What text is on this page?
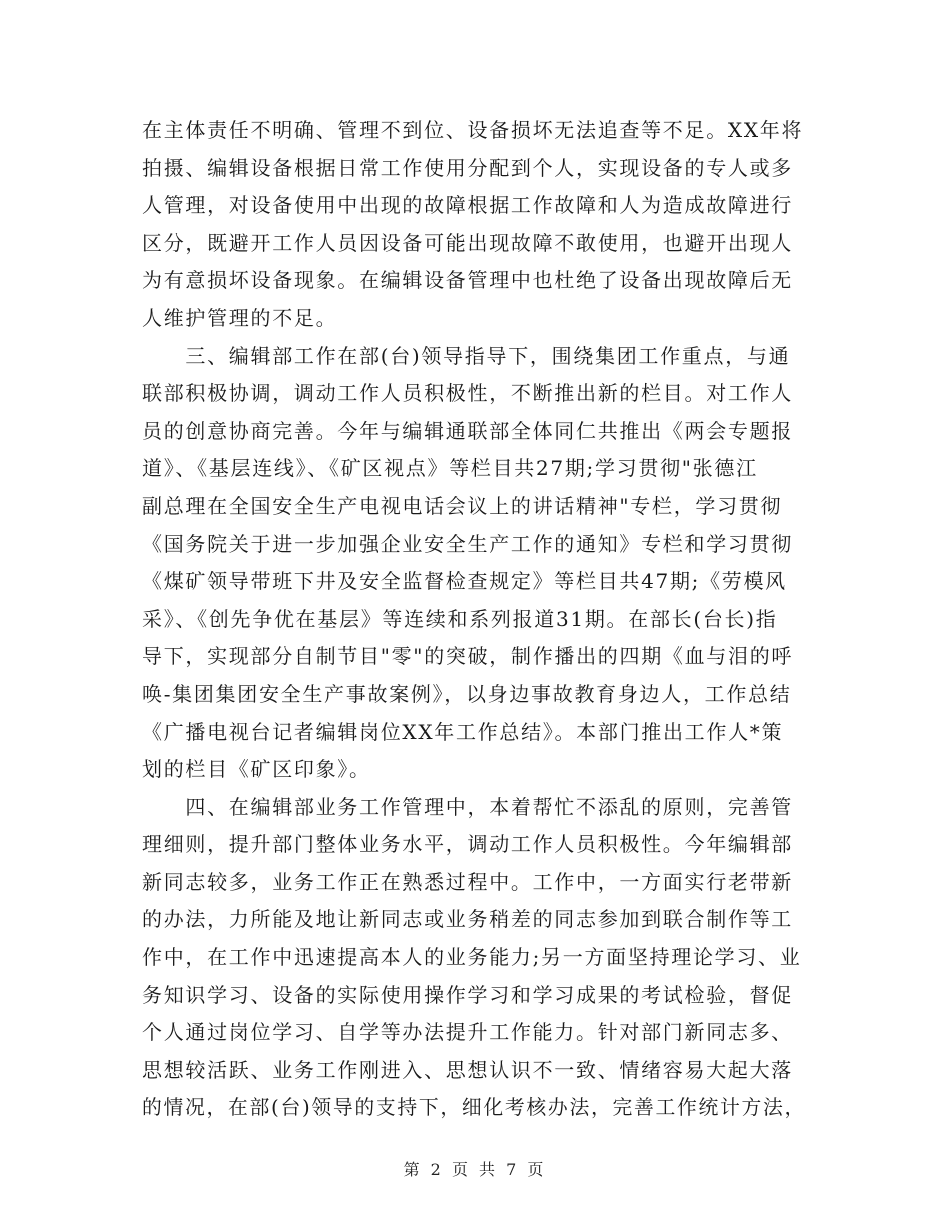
在主体责任不明确、管理不到位、设备损坏无法追查等不足。XX年将
拍摄、编辑设备根据日常工作使用分配到个人，实现设备的专人或多
人管理，对设备使用中出现的故障根据工作故障和人为造成故障进行
区分，既避开工作人员因设备可能出现故障不敢使用，也避开出现人
为有意损坏设备现象。在编辑设备管理中也杜绝了设备出现故障后无
人维护管理的不足。
　　三、编辑部工作在部(台)领导指导下，围绕集团工作重点，与通
联部积极协调，调动工作人员积极性，不断推出新的栏目。对工作人
员的创意协商完善。今年与编辑通联部全体同仁共推出《两会专题报
道》、《基层连线》、《矿区视点》等栏目共27期;学习贯彻"张德江
副总理在全国安全生产电视电话会议上的讲话精神"专栏，学习贯彻
《国务院关于进一步加强企业安全生产工作的通知》专栏和学习贯彻
《煤矿领导带班下井及安全监督检查规定》等栏目共47期;《劳模风
采》、《创先争优在基层》等连续和系列报道31期。在部长(台长)指
导下，实现部分自制节目"零"的突破，制作播出的四期《血与泪的呼
唤-集团集团安全生产事故案例》，以身边事故教育身边人，工作总结
《广播电视台记者编辑岗位XX年工作总结》。本部门推出工作人*策
划的栏目《矿区印象》。
　　四、在编辑部业务工作管理中，本着帮忙不添乱的原则，完善管
理细则，提升部门整体业务水平，调动工作人员积极性。今年编辑部
新同志较多，业务工作正在熟悉过程中。工作中，一方面实行老带新
的办法，力所能及地让新同志或业务稍差的同志参加到联合制作等工
作中，在工作中迅速提高本人的业务能力;另一方面坚持理论学习、业
务知识学习、设备的实际使用操作学习和学习成果的考试检验，督促
个人通过岗位学习、自学等办法提升工作能力。针对部门新同志多、
思想较活跃、业务工作刚进入、思想认识不一致、情绪容易大起大落
的情况，在部(台)领导的支持下，细化考核办法，完善工作统计方法，
第 2 页 共 7 页
